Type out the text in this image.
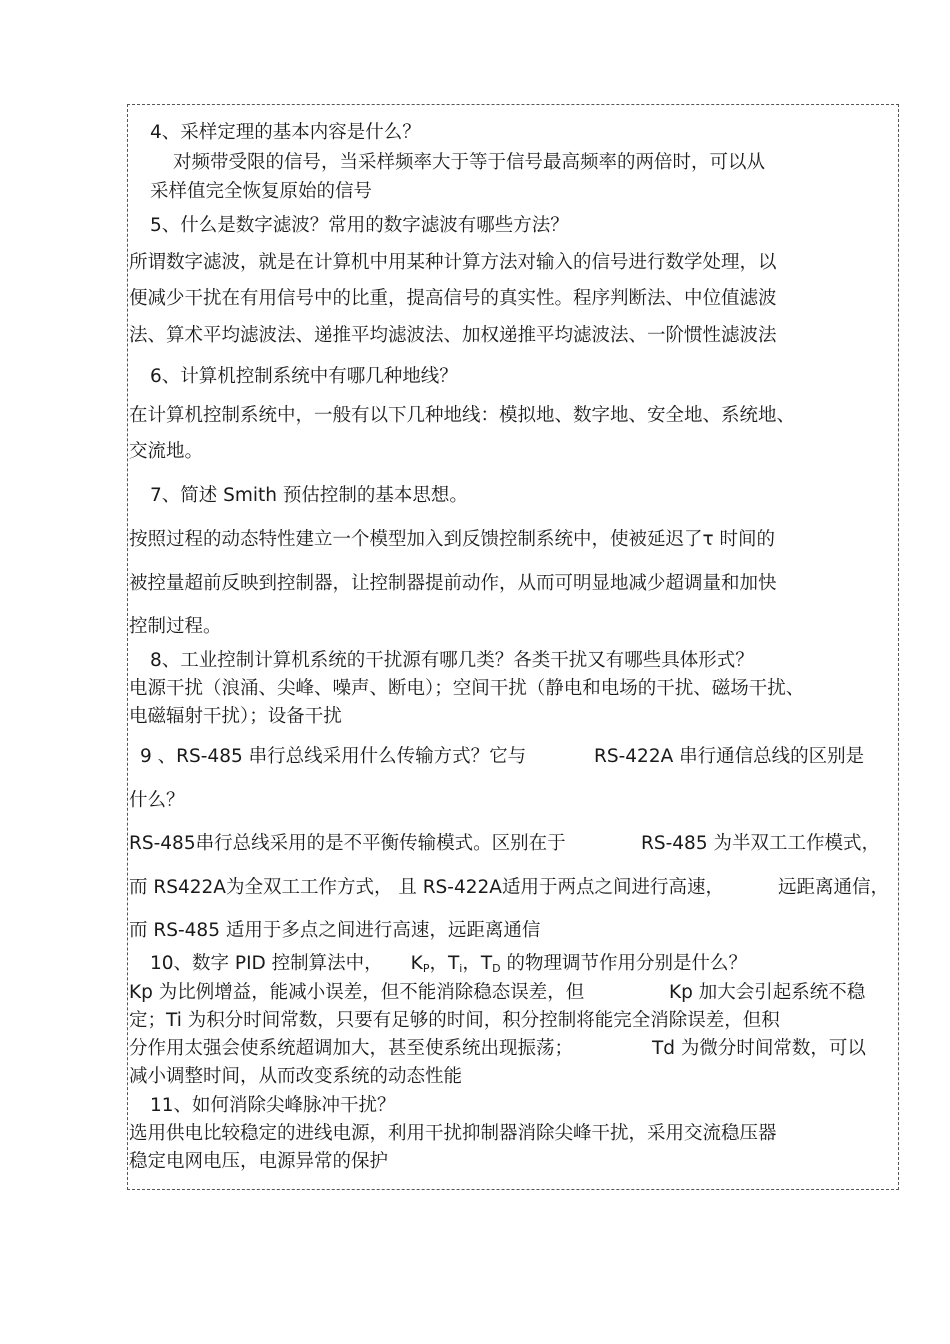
4、采样定理的基本内容是什么？

对频带受限的信号，当采样频率大于等于信号最高频率的两倍时，可以从

采样值完全恢复原始的信号

5、什么是数字滤波？常用的数字滤波有哪些方法？

所谓数字滤波，就是在计算机中用某种计算方法对输入的信号进行数学处理，以

便减少干扰在有用信号中的比重，提高信号的真实性。程序判断法、中位值滤波

法、算术平均滤波法、递推平均滤波法、加权递推平均滤波法、一阶惯性滤波法

6、计算机控制系统中有哪几种地线？

在计算机控制系统中，一般有以下几种地线：模拟地、数字地、安全地、系统地、

交流地。

7、简述 Smith 预估控制的基本思想。

按照过程的动态特性建立一个模型加入到反馈控制系统中，使被延迟了τ 时间的

被控量超前反映到控制器，让控制器提前动作，从而可明显地减少超调量和加快

控制过程。

8、工业控制计算机系统的干扰源有哪几类？各类干扰又有哪些具体形式？

电源干扰（浪涌、尖峰、噪声、断电）；空间干扰（静电和电场的干扰、磁场干扰、

电磁辐射干扰）；设备干扰

9 、RS-485 串行总线采用什么传输方式？它与	RS-422A 串行通信总线的区别是

什么？

RS-485串行总线采用的是不平衡传输模式。区别在于	RS-485 为半双工工作模式，

而 RS422A为全双工工作方式， 且 RS-422A适用于两点之间进行高速，	远距离通信，

而 RS-485 适用于多点之间进行高速，远距离通信

10、数字 PID 控制算法中， KP，Ti，TD 的物理调节作用分别是什么？

Kp 为比例增益，能减小误差，但不能消除稳态误差，但	Kp 加大会引起系统不稳

定；Ti 为积分时间常数，只要有足够的时间，积分控制将能完全消除误差，但积

分作用太强会使系统超调加大，甚至使系统出现振荡；	Td 为微分时间常数，可以

减小调整时间，从而改变系统的动态性能

11、如何消除尖峰脉冲干扰？

选用供电比较稳定的进线电源，利用干扰抑制器消除尖峰干扰，采用交流稳压器

稳定电网电压，电源异常的保护
